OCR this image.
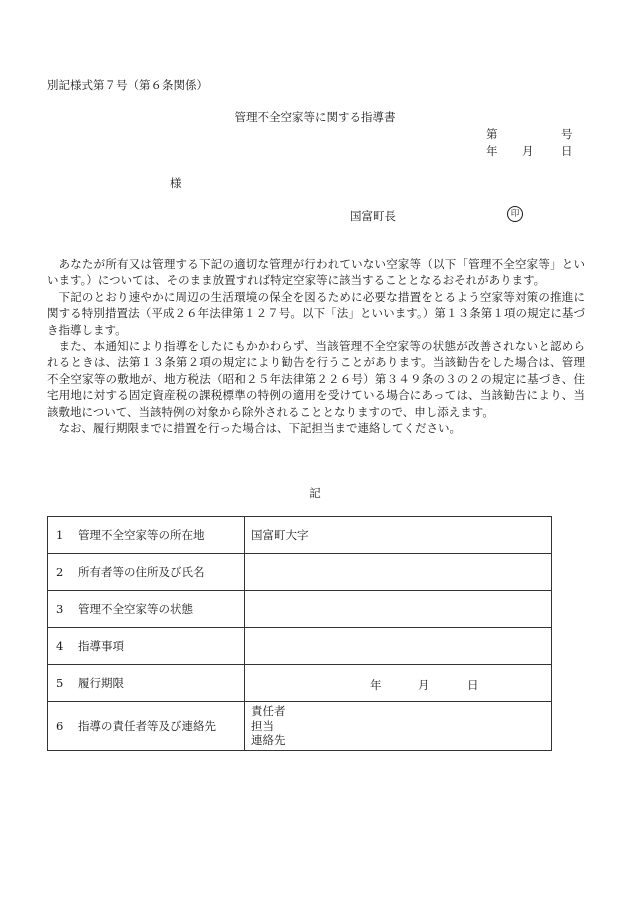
別記様式第７号（第６条関係）
管理不全空家等に関する指導書
第	号
年 月 日
様
国富町長	印

あなたが所有又は管理する下記の適切な管理が行われていない空家等（以下「管理不全空家等」といいます。）については、そのまま放置すれば特定空家等に該当することとなるおそれがあります。

下記のとおり速やかに周辺の生活環境の保全を図るために必要な措置をとるよう空家等対策の推進に関する特別措置法（平成２６年法律第１２７号。以下「法」といいます。）第１３条第１項の規定に基づき指導します。

また、本通知により指導をしたにもかかわらず、当該管理不全空家等の状態が改善されないと認められるときは、法第１３条第２項の規定により勧告を行うことがあります。当該勧告をした場合は、管理不全空家等の敷地が、地方税法（昭和２５年法律第２２６号）第３４９条の３の２の規定に基づき、住宅用地に対する固定資産税の課税標準の特例の適用を受けている場合にあっては、当該勧告により、当該敷地について、当該特例の対象から除外されることとなりますので、申し添えます。

なお、履行期限までに措置を行った場合は、下記担当まで連絡してください。

記
1 管理不全空家等の所在地	国富町大字
2 所有者等の住所及び氏名	
3 管理不全空家等の状態	
4 指導事項	
5 履行期限	年 月 日

6 指導の責任者等及び連絡先	責任者
担当
連絡先
